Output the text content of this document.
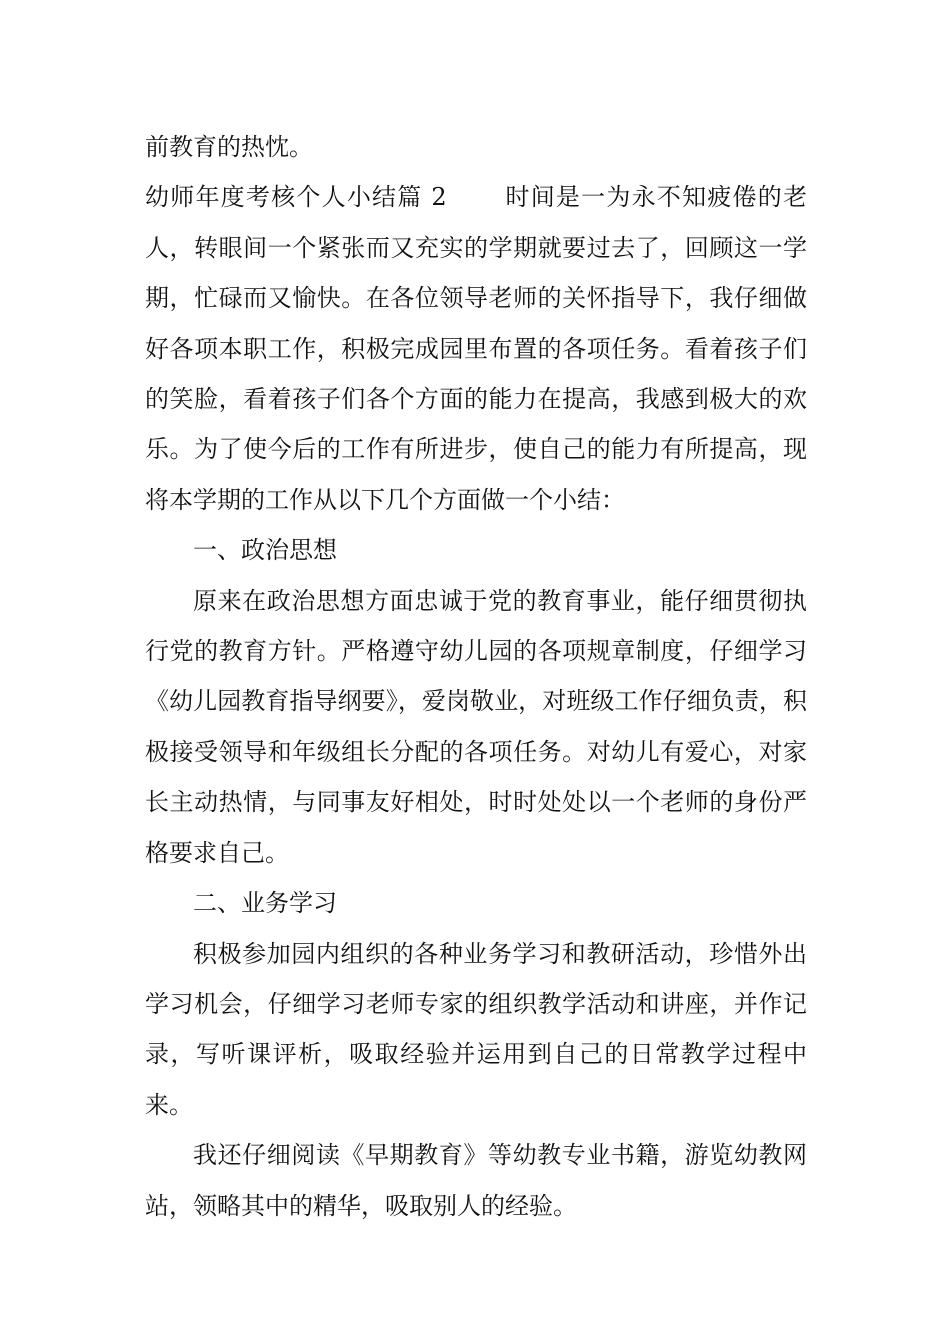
前教育的热忱。

幼师年度考核个人小结篇 2 时间是一为永不知疲倦的老人，转眼间一个紧张而又充实的学期就要过去了，回顾这一学期，忙碌而又愉快。在各位领导老师的关怀指导下，我仔细做好各项本职工作，积极完成园里布置的各项任务。看着孩子们的笑脸，看着孩子们各个方面的能力在提高，我感到极大的欢乐。为了使今后的工作有所进步，使自己的能力有所提高，现将本学期的工作从以下几个方面做一个小结：

一、政治思想

原来在政治思想方面忠诚于党的教育事业，能仔细贯彻执行党的教育方针。严格遵守幼儿园的各项规章制度，仔细学习《幼儿园教育指导纲要》，爱岗敬业，对班级工作仔细负责，积极接受领导和年级组长分配的各项任务。对幼儿有爱心，对家长主动热情，与同事友好相处，时时处处以一个老师的身份严格要求自己。

二、业务学习

积极参加园内组织的各种业务学习和教研活动，珍惜外出学习机会，仔细学习老师专家的组织教学活动和讲座，并作记录，写听课评析，吸取经验并运用到自己的日常教学过程中来。

我还仔细阅读《早期教育》等幼教专业书籍，游览幼教网站，领略其中的精华，吸取别人的经验。
